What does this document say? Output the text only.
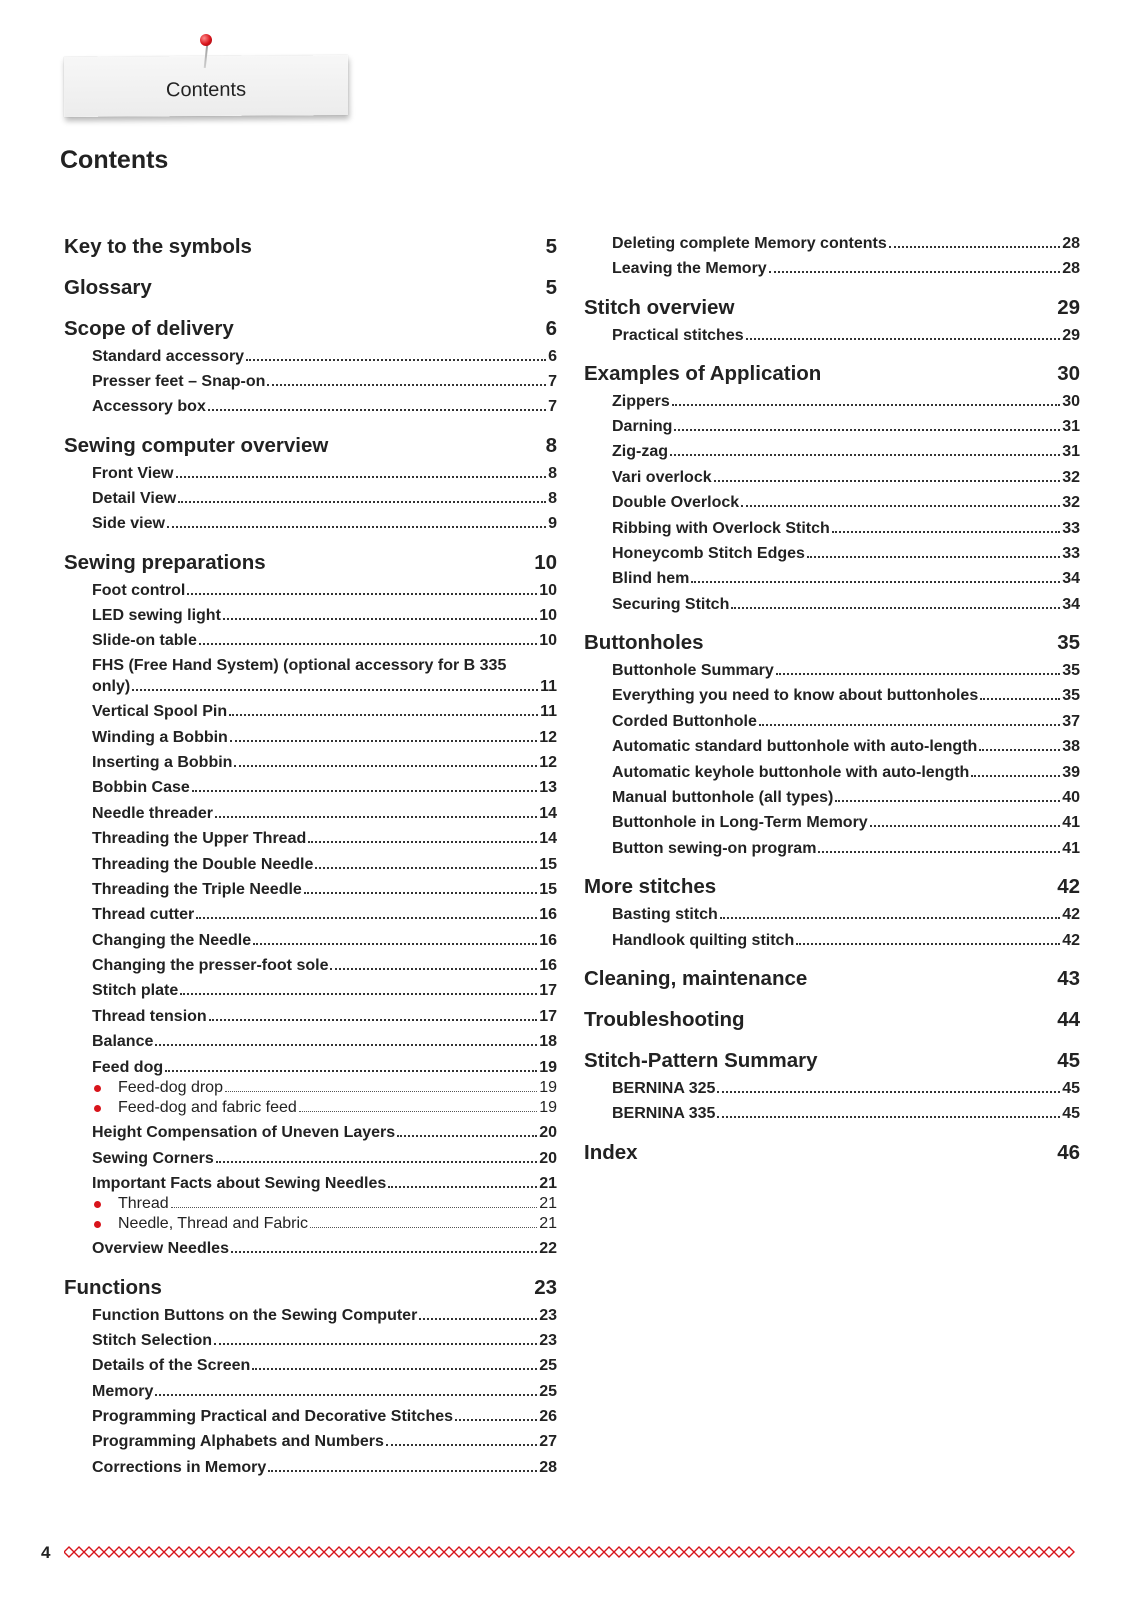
Contents
Contents
Key to the symbols	5
Glossary	5
Scope of delivery	6
Standard accessory	6
Presser feet – Snap-on	7
Accessory box	7
Sewing computer overview	8
Front View	8
Detail View	8
Side view	9
Sewing preparations	10
Foot control	10
LED sewing light	10
Slide-on table	10
FHS (Free Hand System) (optional accessory for B 335
only)	11
Vertical Spool Pin	11
Winding a Bobbin	12
Inserting a Bobbin	12
Bobbin Case	13
Needle threader	14
Threading the Upper Thread	14
Threading the Double Needle	15
Threading the Triple Needle	15
Thread cutter	16
Changing the Needle	16
Changing the presser-foot sole	16
Stitch plate	17
Thread tension	17
Balance	18
Feed dog	19
Feed-dog drop	19
Feed-dog and fabric feed	19
Height Compensation of Uneven Layers	20
Sewing Corners	20
Important Facts about Sewing Needles	21
Thread	21
Needle, Thread and Fabric	21
Overview Needles	22
Functions	23
Function Buttons on the Sewing Computer	23
Stitch Selection	23
Details of the Screen	25
Memory	25
Programming Practical and Decorative Stitches	26
Programming Alphabets and Numbers	27
Corrections in Memory	28
Deleting complete Memory contents	28
Leaving the Memory	28
Stitch overview	29
Practical stitches	29
Examples of Application	30
Zippers	30
Darning	31
Zig-zag	31
Vari overlock	32
Double Overlock	32
Ribbing with Overlock Stitch	33
Honeycomb Stitch Edges	33
Blind hem	34
Securing Stitch	34
Buttonholes	35
Buttonhole Summary	35
Everything you need to know about buttonholes	35
Corded Buttonhole	37
Automatic standard buttonhole with auto-length	38
Automatic keyhole buttonhole with auto-length	39
Manual buttonhole (all types)	40
Buttonhole in Long-Term Memory	41
Button sewing-on program	41
More stitches	42
Basting stitch	42
Handlook quilting stitch	42
Cleaning, maintenance	43
Troubleshooting	44
Stitch-Pattern Summary	45
BERNINA 325	45
BERNINA 335	45
Index	46
4
